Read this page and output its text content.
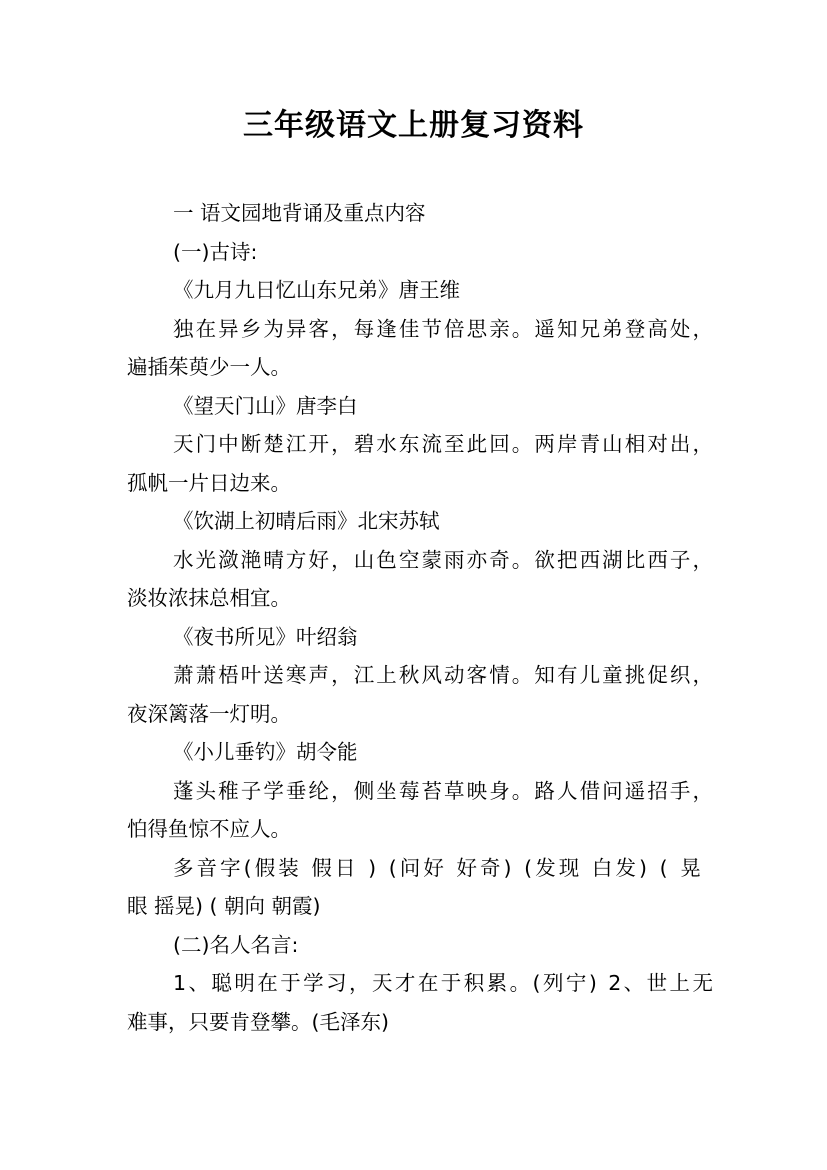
三年级语文上册复习资料
一 语文园地背诵及重点内容
(一)古诗:
《九月九日忆山东兄弟》唐王维
独在异乡为异客，每逢佳节倍思亲。遥知兄弟登高处，
遍插茱萸少一人。
《望天门山》唐李白
天门中断楚江开，碧水东流至此回。两岸青山相对出，
孤帆一片日边来。
《饮湖上初晴后雨》北宋苏轼
水光潋滟晴方好，山色空蒙雨亦奇。欲把西湖比西子，
淡妆浓抹总相宜。
《夜书所见》叶绍翁
萧萧梧叶送寒声，江上秋风动客情。知有儿童挑促织，
夜深篱落一灯明。
《小儿垂钓》胡令能
蓬头稚子学垂纶，侧坐莓苔草映身。路人借问遥招手，
怕得鱼惊不应人。
多音字(假装 假日 ) (问好 好奇) (发现 白发) ( 晃
眼 摇晃) ( 朝向 朝霞)
(二)名人名言:
1、聪明在于学习，天才在于积累。(列宁) 2、世上无
难事，只要肯登攀。(毛泽东)
